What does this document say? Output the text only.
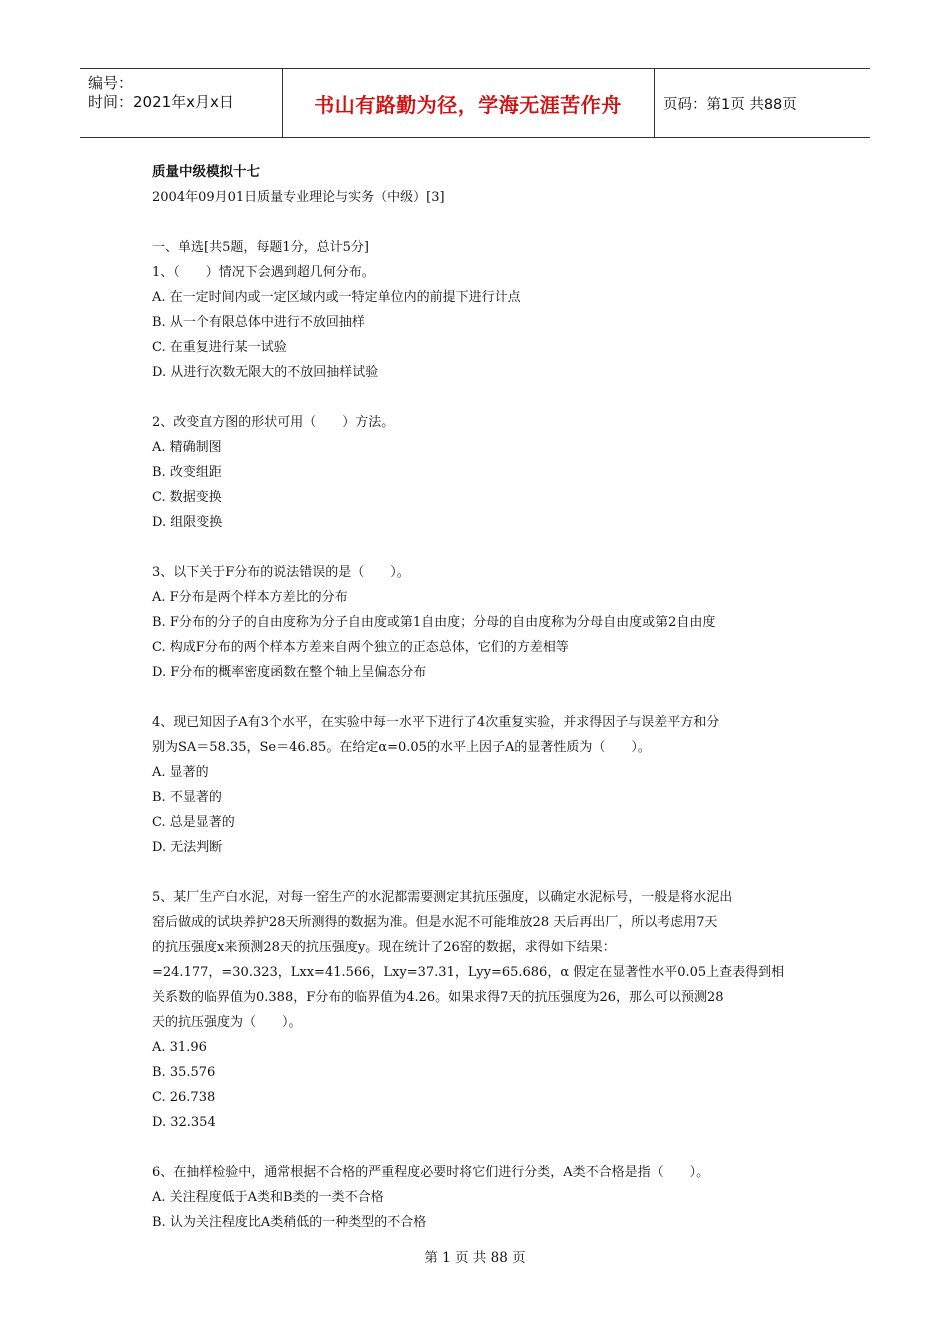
编号：
时间：2021年x月x日	书山有路勤为径，学海无涯苦作舟	页码：第1页 共88页
质量中级模拟十七
2004年09月01日质量专业理论与实务（中级）[3]
一、单选[共5题，每题1分，总计5分]
1、（　　）情况下会遇到超几何分布。
A. 在一定时间内或一定区域内或一特定单位内的前提下进行计点
B. 从一个有限总体中进行不放回抽样
C. 在重复进行某一试验
D. 从进行次数无限大的不放回抽样试验
2、改变直方图的形状可用（　　）方法。
A. 精确制图
B. 改变组距
C. 数据变换
D. 组限变换
3、以下关于F分布的说法错误的是（　　）。
A. F分布是两个样本方差比的分布
B. F分布的分子的自由度称为分子自由度或第1自由度；分母的自由度称为分母自由度或第2自由度
C. 构成F分布的两个样本方差来自两个独立的正态总体，它们的方差相等
D. F分布的概率密度函数在整个轴上呈偏态分布
4、现已知因子A有3个水平，在实验中每一水平下进行了4次重复实验，并求得因子与误差平方和分
别为SA＝58.35，Se＝46.85。在给定α=0.05的水平上因子A的显著性质为（　　）。
A. 显著的
B. 不显著的
C. 总是显著的
D. 无法判断
5、某厂生产白水泥，对每一窑生产的水泥都需要测定其抗压强度，以确定水泥标号，一般是将水泥出
窑后做成的试块养护28天所测得的数据为准。但是水泥不可能堆放28 天后再出厂，所以考虑用7天
的抗压强度x来预测28天的抗压强度y。现在统计了26窑的数据，求得如下结果：
=24.177，=30.323，Lxx=41.566，Lxy=37.31，Lyy=65.686，α 假定在显著性水平0.05上查表得到相
关系数的临界值为0.388，F分布的临界值为4.26。如果求得7天的抗压强度为26，那么可以预测28
天的抗压强度为（　　）。
A. 31.96
B. 35.576
C. 26.738
D. 32.354
6、在抽样检验中，通常根据不合格的严重程度必要时将它们进行分类，A类不合格是指（　　）。
A. 关注程度低于A类和B类的一类不合格
B. 认为关注程度比A类稍低的一种类型的不合格
第 1 页 共 88 页
